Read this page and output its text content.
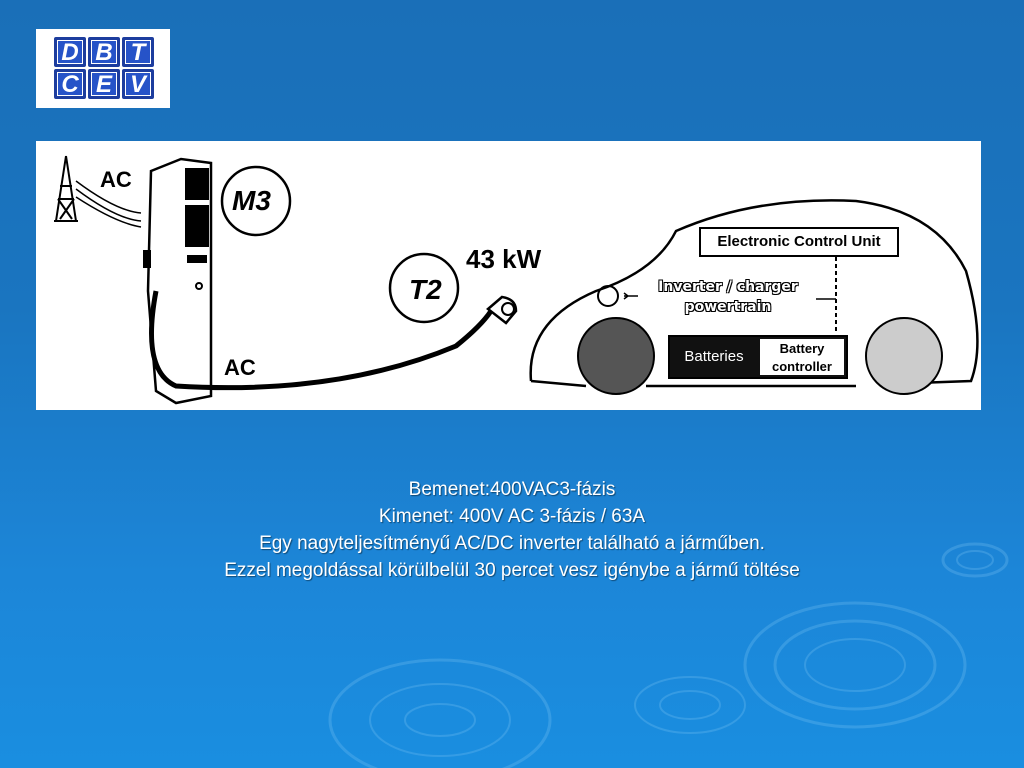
D B T
C E V
AC
AC
43 kW
M3
T2
Electronic Control Unit
Inverter / charger
powertrain
Batteries	Battery
controller
Bemenet:400VAC3-fázis
Kimenet: 400V AC 3-fázis / 63A
Egy nagyteljesítményű AC/DC inverter található a járműben.
Ezzel megoldással körülbelül 30 percet vesz igénybe a jármű töltése
